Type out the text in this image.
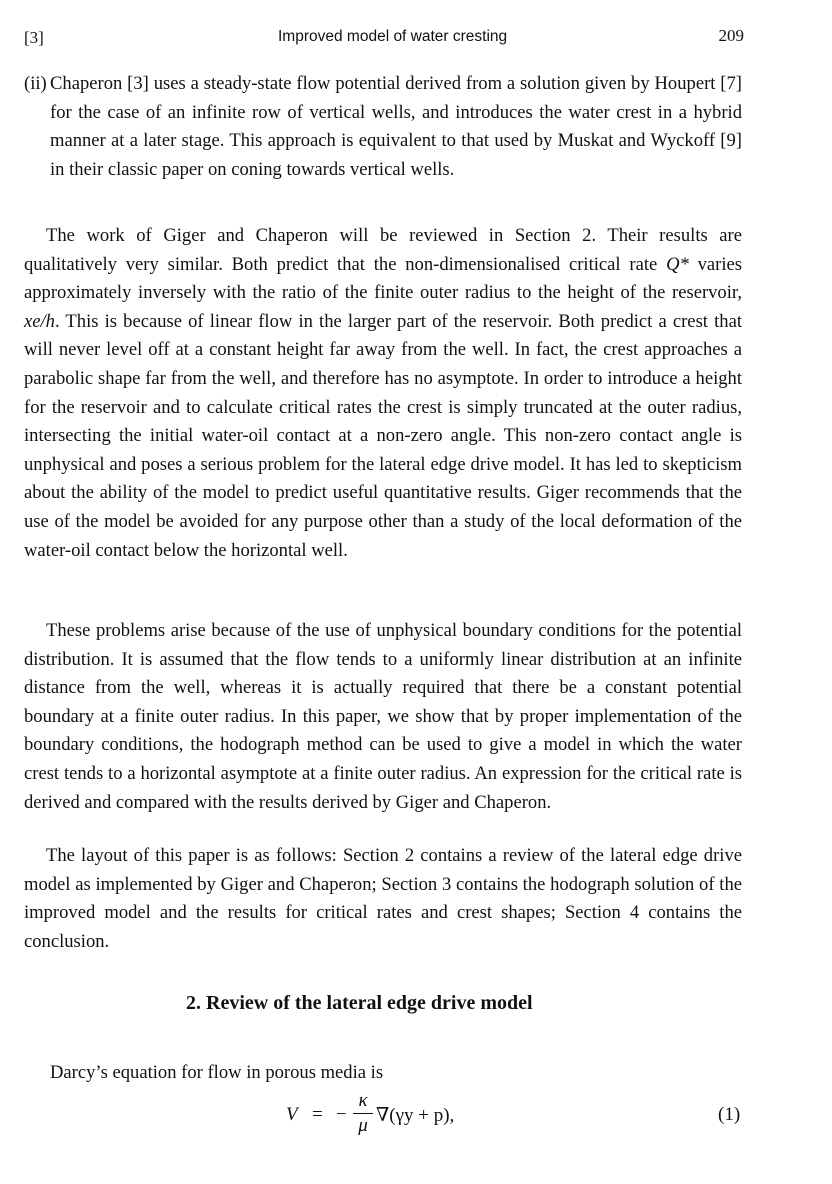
[3]	Improved model of water cresting	209
(ii) Chaperon [3] uses a steady-state flow potential derived from a solution given by Houpert [7] for the case of an infinite row of vertical wells, and introduces the water crest in a hybrid manner at a later stage. This approach is equivalent to that used by Muskat and Wyckoff [9] in their classic paper on coning towards vertical wells.
The work of Giger and Chaperon will be reviewed in Section 2. Their results are qualitatively very similar. Both predict that the non-dimensionalised critical rate Q* varies approximately inversely with the ratio of the finite outer radius to the height of the reservoir, xe/h. This is because of linear flow in the larger part of the reservoir. Both predict a crest that will never level off at a constant height far away from the well. In fact, the crest approaches a parabolic shape far from the well, and therefore has no asymptote. In order to introduce a height for the reservoir and to calculate critical rates the crest is simply truncated at the outer radius, intersecting the initial water-oil contact at a non-zero angle. This non-zero contact angle is unphysical and poses a serious problem for the lateral edge drive model. It has led to skepticism about the ability of the model to predict useful quantitative results. Giger recommends that the use of the model be avoided for any purpose other than a study of the local deformation of the water-oil contact below the horizontal well.
These problems arise because of the use of unphysical boundary conditions for the potential distribution. It is assumed that the flow tends to a uniformly linear distribution at an infinite distance from the well, whereas it is actually required that there be a constant potential boundary at a finite outer radius. In this paper, we show that by proper implementation of the boundary conditions, the hodograph method can be used to give a model in which the water crest tends to a horizontal asymptote at a finite outer radius. An expression for the critical rate is derived and compared with the results derived by Giger and Chaperon.
The layout of this paper is as follows: Section 2 contains a review of the lateral edge drive model as implemented by Giger and Chaperon; Section 3 contains the hodograph solution of the improved model and the results for critical rates and crest shapes; Section 4 contains the conclusion.
2. Review of the lateral edge drive model
Darcy’s equation for flow in porous media is
V = −
κ
μ ∇(γy + p),	(1)
